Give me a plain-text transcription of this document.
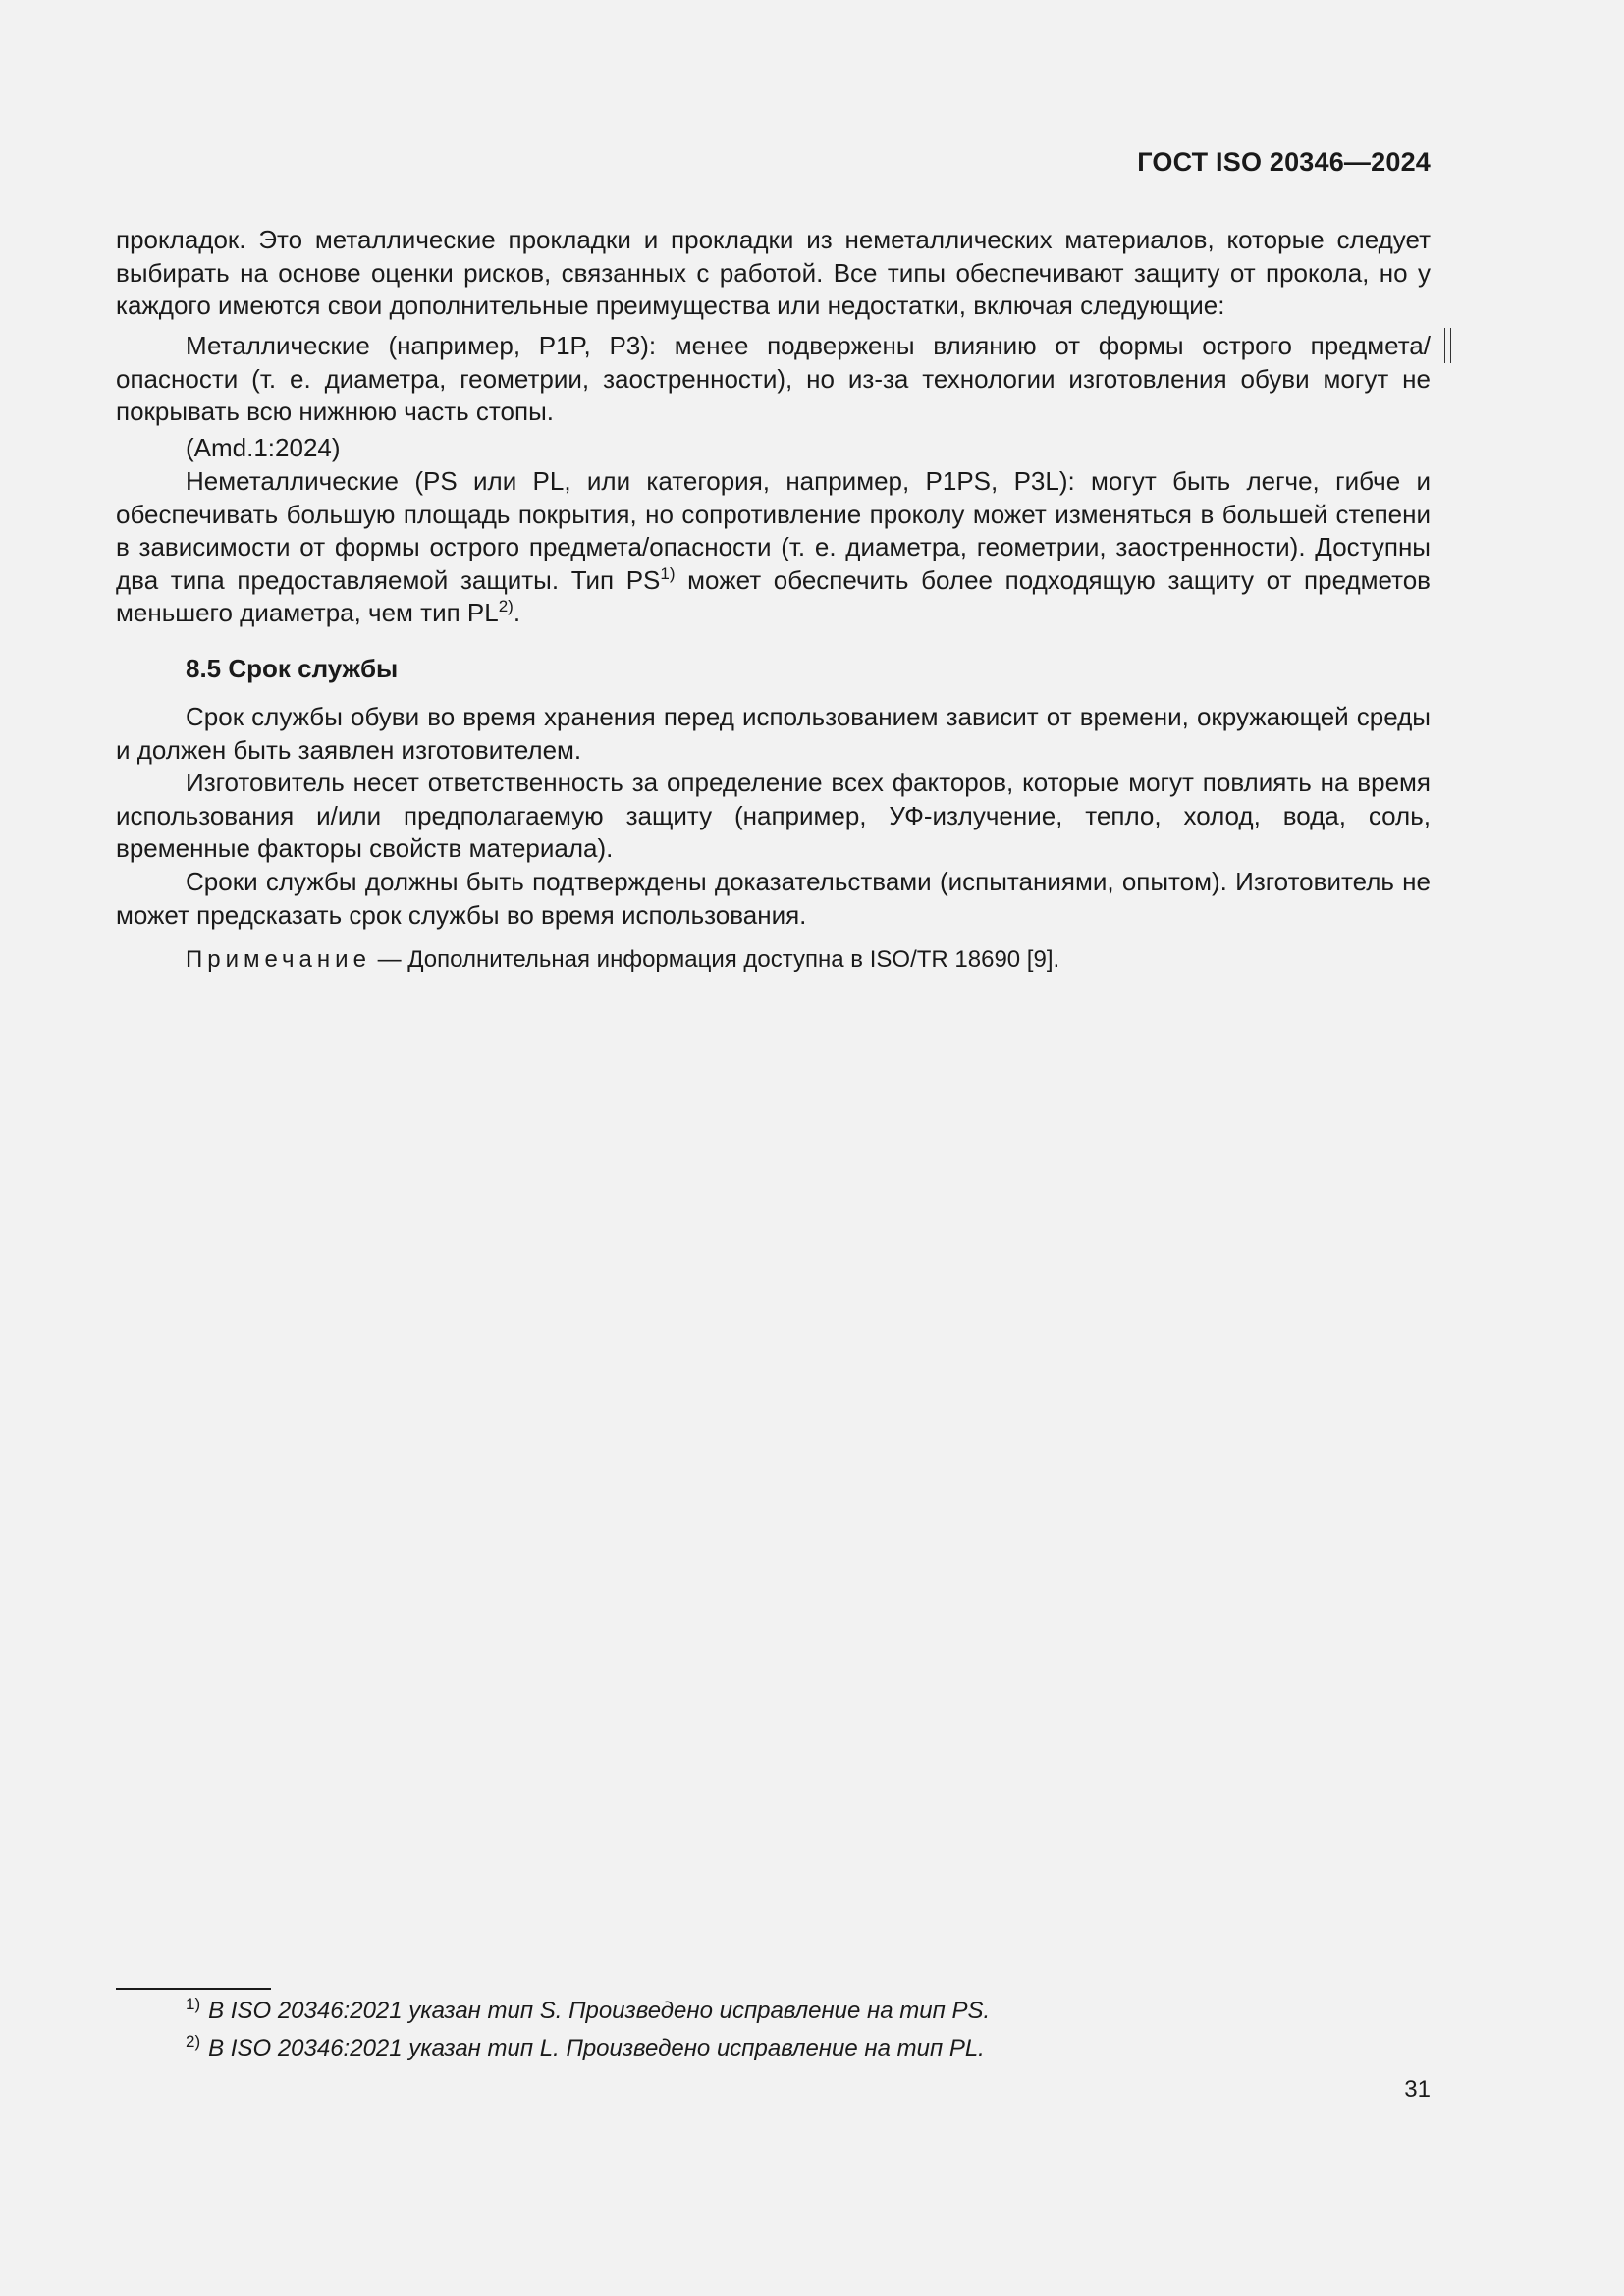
ГОСТ ISO 20346—2024

прокладок. Это металлические прокладки и прокладки из неметаллических материалов, которые следует выбирать на основе оценки рисков, связанных с работой. Все типы обеспечивают защиту от прокола, но у каждого имеются свои дополнительные преимущества или недостатки, включая следующие:

Металлические (например, P1P, P3): менее подвержены влиянию от формы острого предмета/опасности (т. е. диаметра, геометрии, заостренности), но из-за технологии изготовления обуви могут не покрывать всю нижнюю часть стопы.

(Amd.1:2024)

Неметаллические (PS или PL, или категория, например, P1PS, P3L): могут быть легче, гибче и обеспечивать большую площадь покрытия, но сопротивление проколу может изменяться в большей степени в зависимости от формы острого предмета/опасности (т. е. диаметра, геометрии, заостренности). Доступны два типа предоставляемой защиты. Тип PS$^{1)}$ может обеспечить более подходящую защиту от предметов меньшего диаметра, чем тип PL$^{2)}$.

8.5 Срок службы

Срок службы обуви во время хранения перед использованием зависит от времени, окружающей среды и должен быть заявлен изготовителем.

Изготовитель несет ответственность за определение всех факторов, которые могут повлиять на время использования и/или предполагаемую защиту (например, УФ-излучение, тепло, холод, вода, соль, временные факторы свойств материала).

Сроки службы должны быть подтверждены доказательствами (испытаниями, опытом). Изготовитель не может предсказать срок службы во время использования.

Примечание — Дополнительная информация доступна в ISO/TR 18690 [9].
$^{1)}$ В ISO 20346:2021 указан тип S. Произведено исправление на тип PS.
$^{2)}$ В ISO 20346:2021 указан тип L. Произведено исправление на тип PL.
31
